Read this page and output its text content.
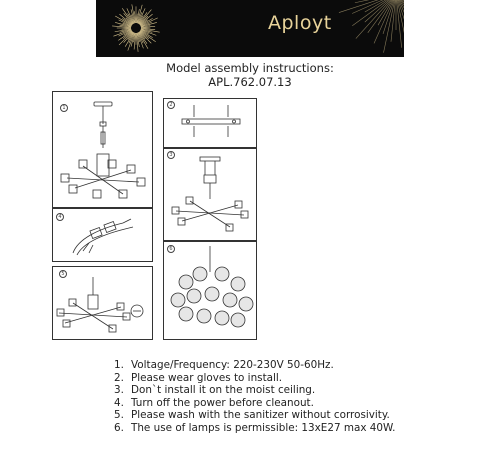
Aployt
Model assembly instructions:
APL.762.07.13
1	2
3
4
5
6
1. Voltage/Frequency: 220-230V 50-60Hz.
2. Please wear gloves to install.
3. Don`t install it on the moist ceiling.
4. Turn off the power before cleanout.
5. Please wash with the sanitizer without corrosivity.
6. The use of lamps is permissible: 13xE27 max 40W.
